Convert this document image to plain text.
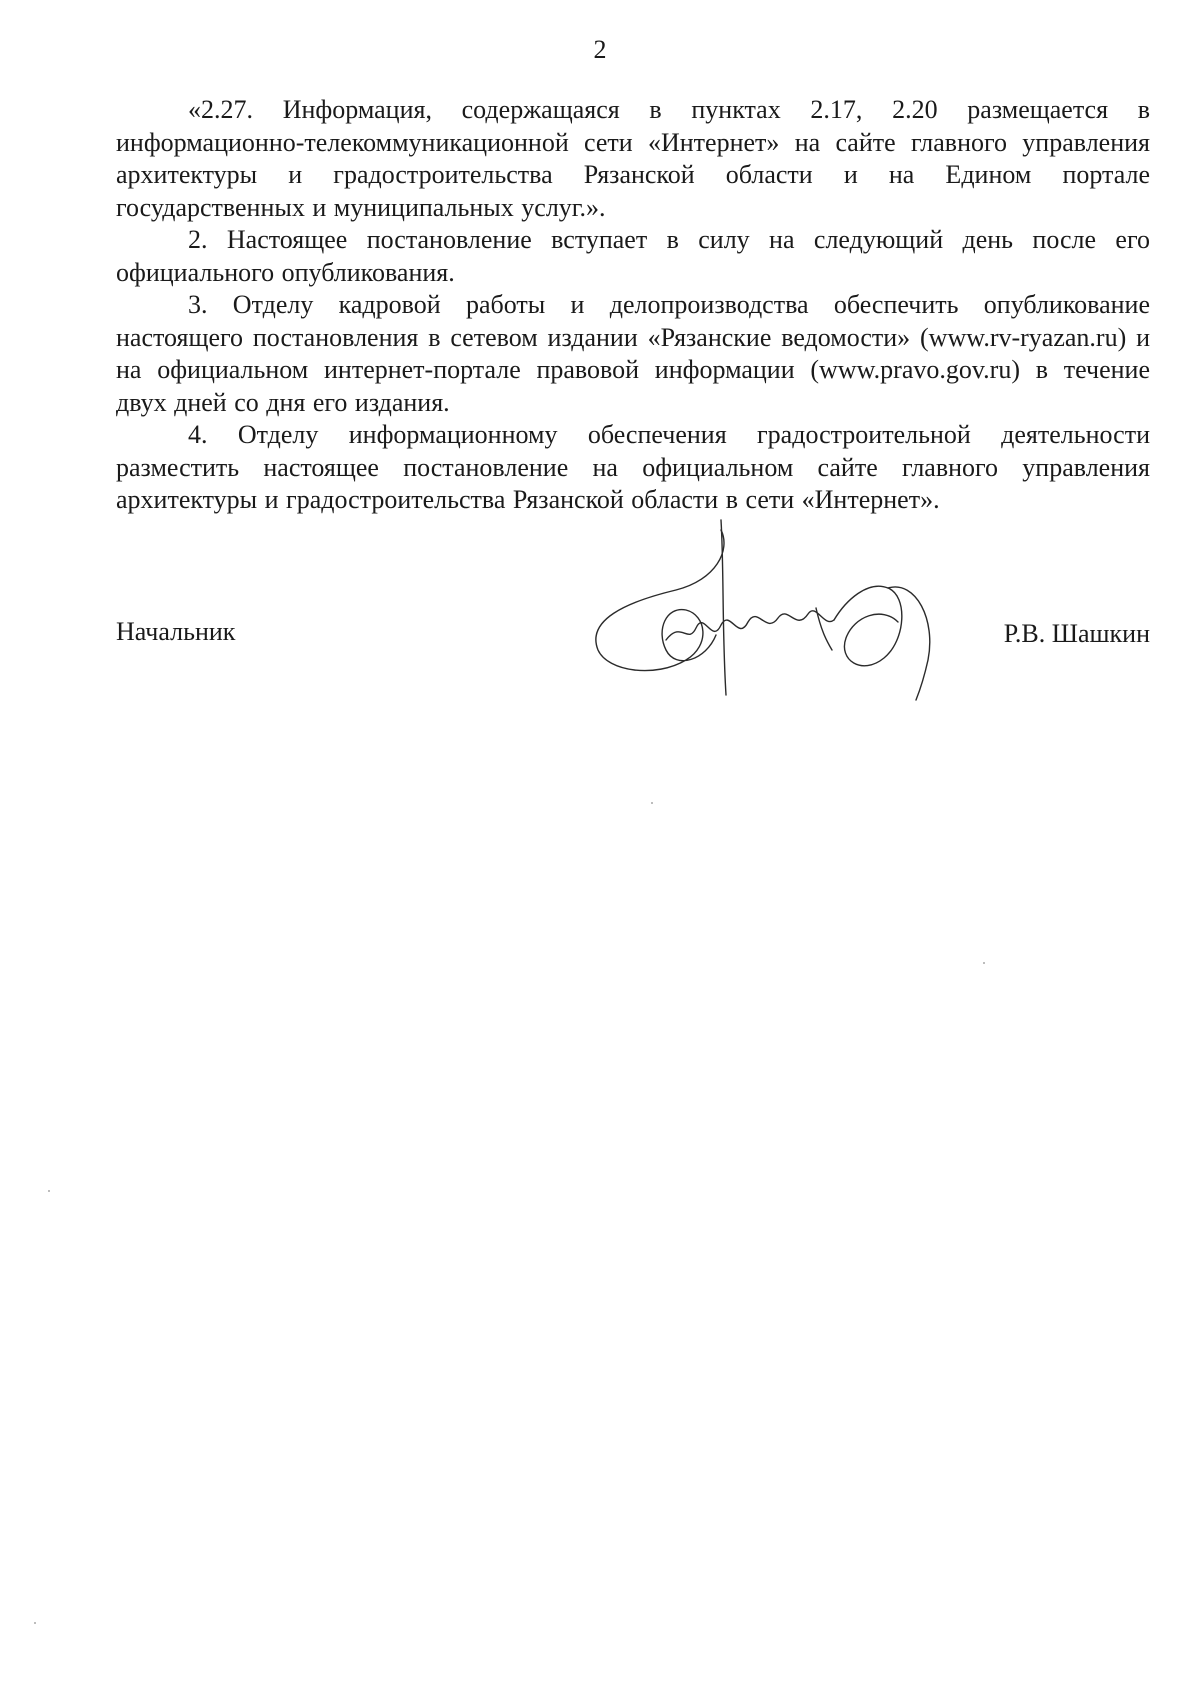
2

«2.27. Информация, содержащаяся в пунктах 2.17, 2.20 размещается в информационно-телекоммуникационной сети «Интернет» на сайте главного управления архитектуры и градостроительства Рязанской области и на Едином портале государственных и муниципальных услуг.».

2. Настоящее постановление вступает в силу на следующий день после его официального опубликования.

3. Отделу кадровой работы и делопроизводства обеспечить опубликование настоящего постановления в сетевом издании «Рязанские ведомости» (www.rv-ryazan.ru) и на официальном интернет-портале правовой информации (www.pravo.gov.ru) в течение двух дней со дня его издания.

4. Отделу информационному обеспечения градостроительной деятельности разместить настоящее постановление на официальном сайте главного управления архитектуры и градостроительства Рязанской области в сети «Интернет».

Начальник	Р.В. Шашкин
